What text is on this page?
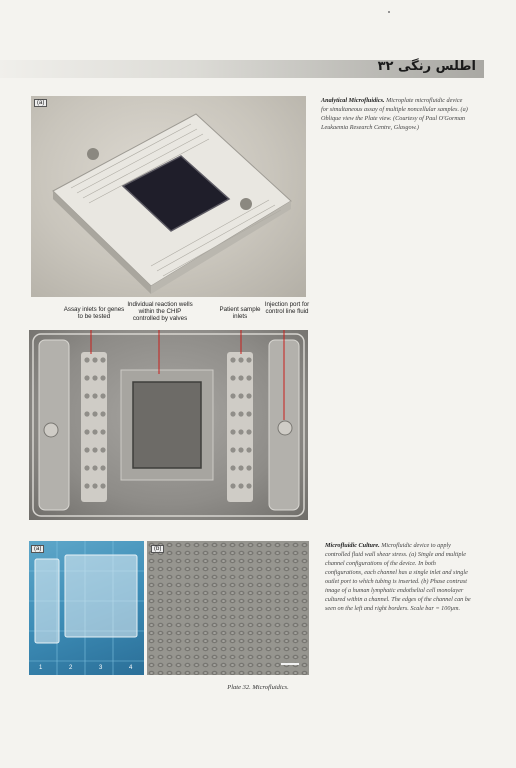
اطلس رنگی ۳۲
(a)	Analytical Microfluidics. Microplate microfluidic device for simultaneous assay of multiple noncellular samples. (a) Oblique view the Plate view. (Courtesy of Paul O'Gorman Leukaemia Research Centre, Glasgow.)
Assay inlets for genes to be tested
Individual reaction wells within the CHIP controlled by valves
Patient sample inlets
Injection port for control line fluid
(a)
1	2	3	4
(b)	Microfluidic Culture. Microfluidic device to apply controlled fluid wall shear stress. (a) Single and multiple channel configurations of the device. In both configurations, each channel has a single inlet and single outlet port to which tubing is inserted. (b) Phase contrast image of a human lymphatic endothelial cell monolayer cultured within a channel. The edges of the channel can be seen on the left and right borders. Scale bar = 100µm.
Plate 32. Microfluidics.
